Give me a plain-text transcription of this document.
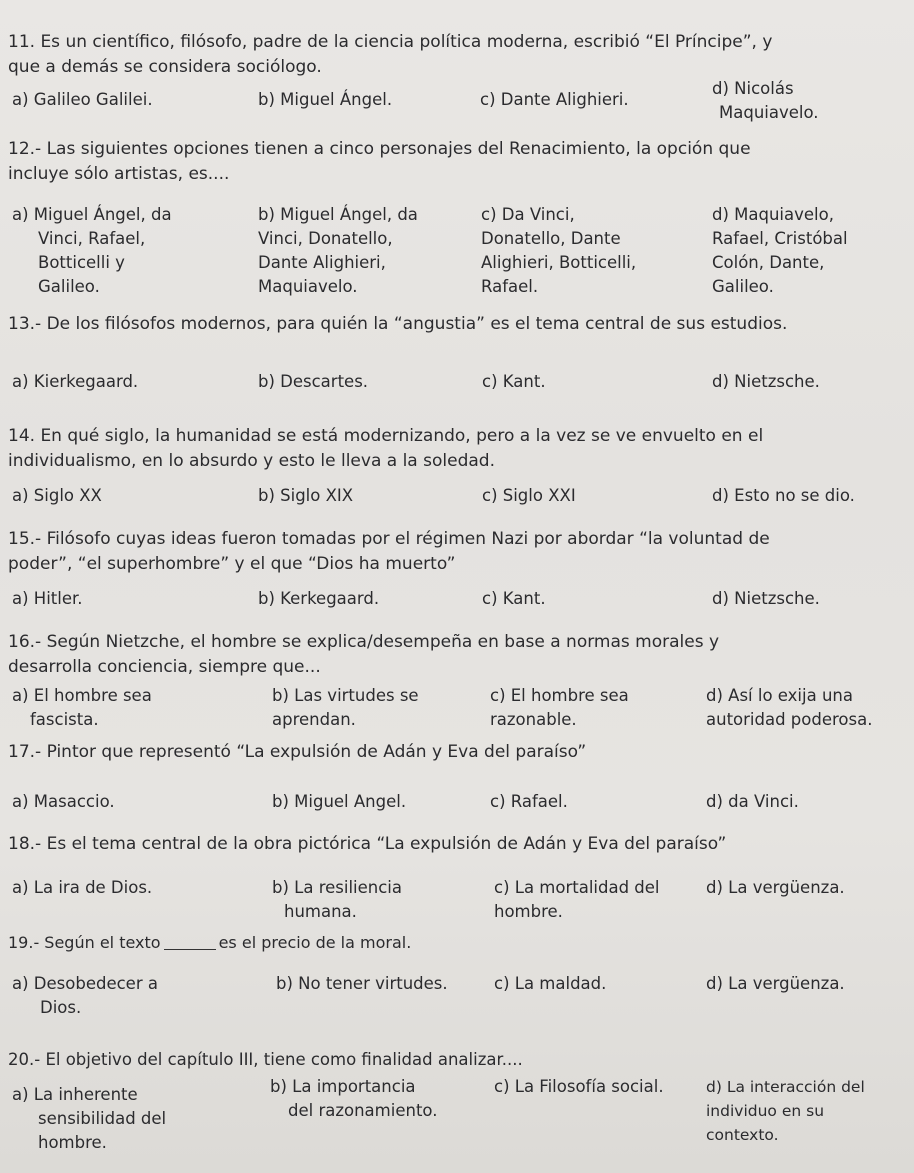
11. Es un científico, filósofo, padre de la ciencia política moderna, escribió “El Príncipe”, y
que a demás se considera sociólogo.
a) Galileo Galilei.	b) Miguel Ángel.	c) Dante Alighieri.
d) Nicolás
Maquiavelo.
12.- Las siguientes opciones tienen a cinco personajes del Renacimiento, la opción que
incluye sólo artistas, es....
a) Miguel Ángel, da
Vinci, Rafael,
Botticelli y
Galileo.
b) Miguel Ángel, da
Vinci, Donatello,
Dante Alighieri,
Maquiavelo.
c) Da Vinci,
Donatello, Dante
Alighieri, Botticelli,
Rafael.
d) Maquiavelo,
Rafael, Cristóbal
Colón, Dante,
Galileo.
13.- De los filósofos modernos, para quién la “angustia” es el tema central de sus estudios.
a) Kierkegaard.	b) Descartes.	c) Kant.	d) Nietzsche.
14. En qué siglo, la humanidad se está modernizando, pero a la vez se ve envuelto en el
individualismo, en lo absurdo y esto le lleva a la soledad.
a) Siglo XX	b) Siglo XIX	c) Siglo XXI	d) Esto no se dio.
15.- Filósofo cuyas ideas fueron tomadas por el régimen Nazi por abordar “la voluntad de
poder”, “el superhombre” y el que “Dios ha muerto”
a) Hitler.	b) Kerkegaard.	c) Kant.	d) Nietzsche.
16.- Según Nietzche, el hombre se explica/desempeña en base a normas morales y
desarrolla conciencia, siempre que...
a) El hombre sea
fascista.
b) Las virtudes se
aprendan.
c) El hombre sea
razonable.
d) Así lo exija una
autoridad poderosa.
17.- Pintor que representó “La expulsión de Adán y Eva del paraíso”
a) Masaccio.	b) Miguel Angel.	c) Rafael.	d) da Vinci.
18.- Es el tema central de la obra pictórica “La expulsión de Adán y Eva del paraíso”
a) La ira de Dios.	b) La resiliencia
humana.
c) La mortalidad del
hombre.
d) La vergüenza.
19.- Según el texto	es el precio de la moral.
a) Desobedecer a
Dios.
b) No tener virtudes.	c) La maldad.	d) La vergüenza.
20.- El objetivo del capítulo III, tiene como finalidad analizar....
a) La inherente
sensibilidad del
hombre.
b) La importancia
del razonamiento.
c) La Filosofía social.	d) La interacción del
individuo en su
contexto.
